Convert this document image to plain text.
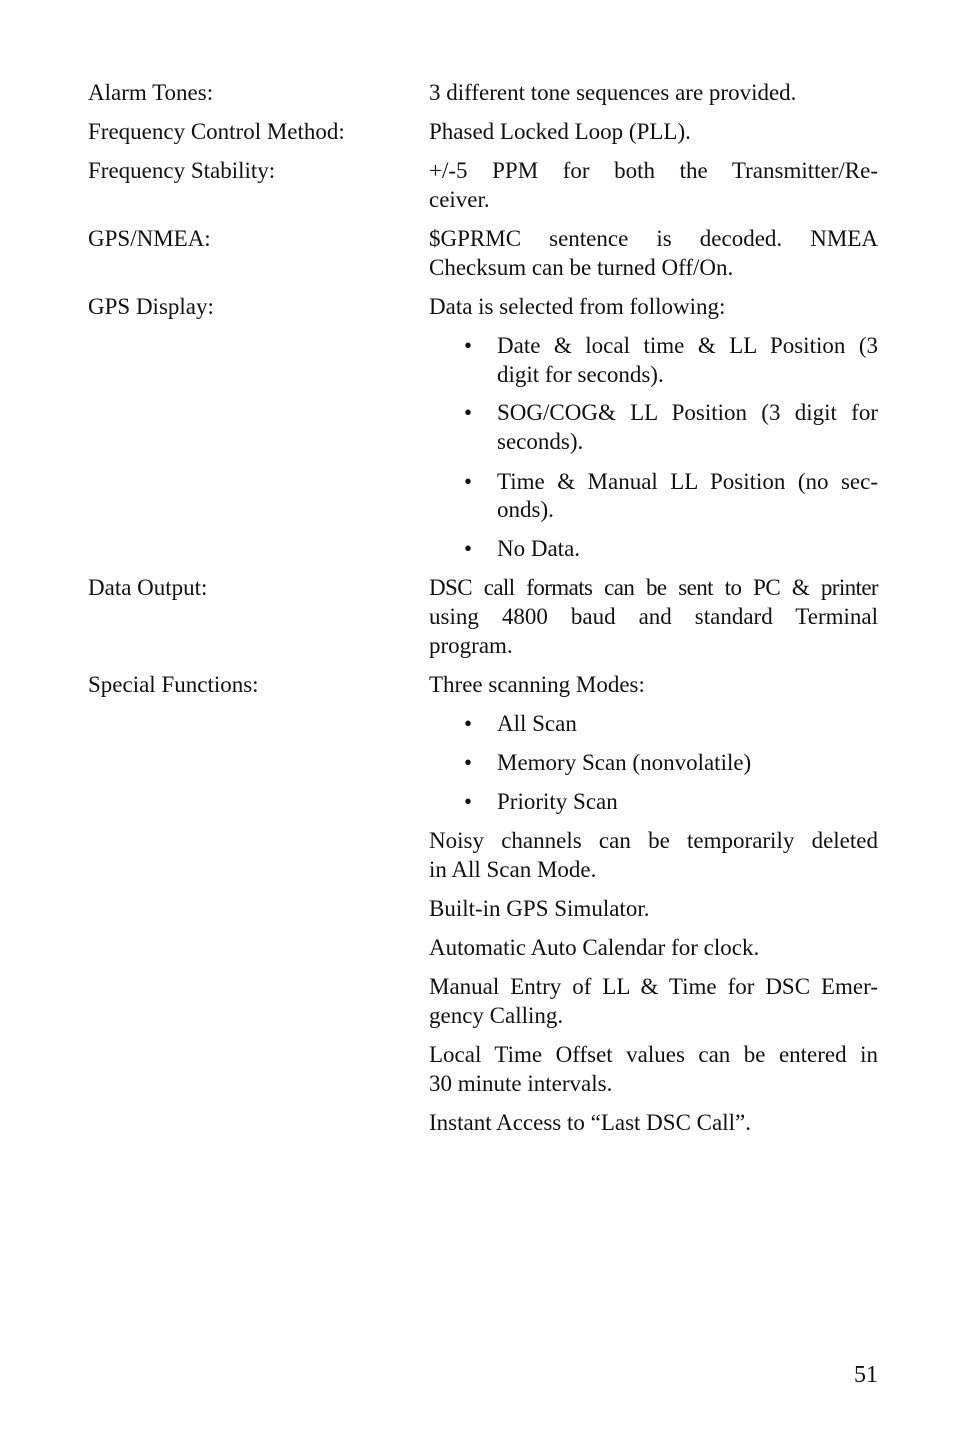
Alarm Tones:	3 different tone sequences are provided.
Frequency Control Method:	Phased Locked Loop (PLL).
Frequency Stability:	+/-5 PPM for both the Transmitter/Re-
ceiver.
GPS/NMEA:	$GPRMC sentence is decoded. NMEA
Checksum can be turned Off/On.
GPS Display:	Data is selected from following:
• Date & local time & LL Position (3
digit for seconds).
• SOG/COG& LL Position (3 digit for
seconds).
• Time & Manual LL Position (no sec-
onds).
• No Data.
Data Output:	DSC call formats can be sent to PC & printer
using 4800 baud and standard Terminal
program.
Special Functions:	Three scanning Modes:
• All Scan
• Memory Scan (nonvolatile)
• Priority Scan
Noisy channels can be temporarily deleted
in All Scan Mode.
Built-in GPS Simulator.
Automatic Auto Calendar for clock.
Manual Entry of LL & Time for DSC Emer-
gency Calling.
Local Time Offset values can be entered in
30 minute intervals.
Instant Access to “Last DSC Call”.
51
